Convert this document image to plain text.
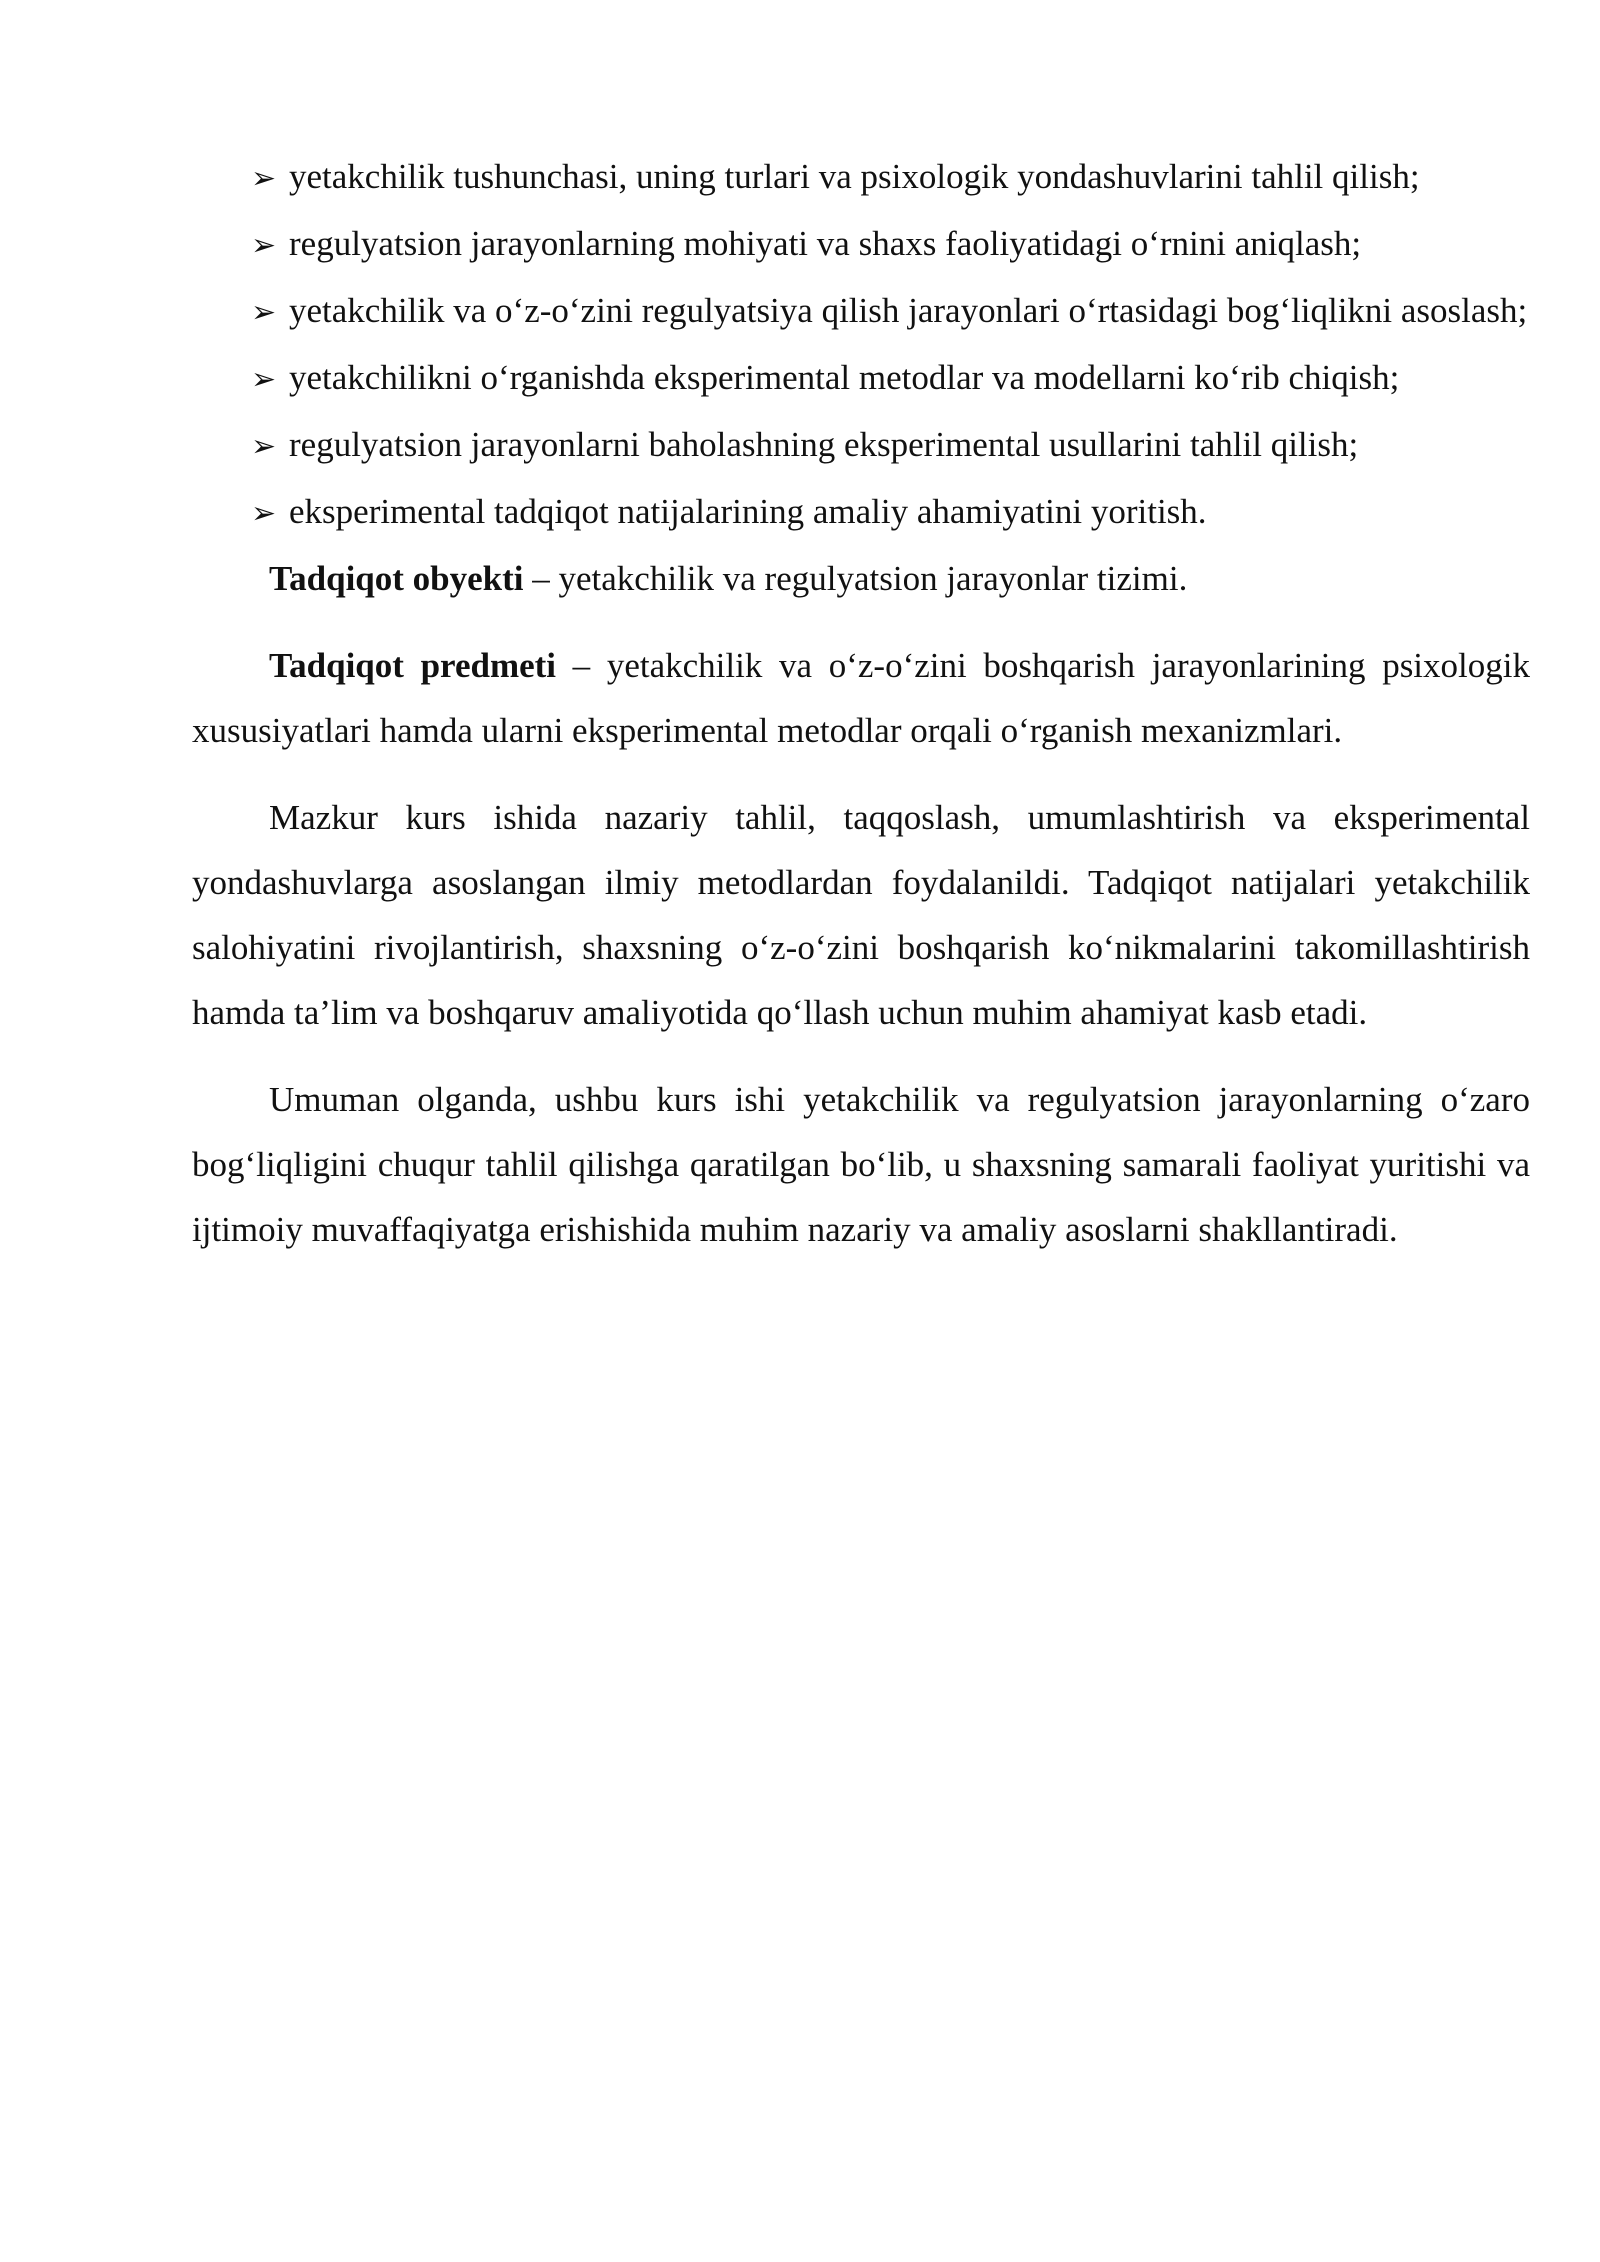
➢ yetakchilik tushunchasi, uning turlari va psixologik yondashuvlarini tahlil qilish;

➢ regulyatsion jarayonlarning mohiyati va shaxs faoliyatidagi o‘rnini aniqlash;

➢ yetakchilik va o‘z-o‘zini regulyatsiya qilish jarayonlari o‘rtasidagi bog‘liqlikni asoslash;

➢ yetakchilikni o‘rganishda eksperimental metodlar va modellarni ko‘rib chiqish;

➢ regulyatsion jarayonlarni baholashning eksperimental usullarini tahlil qilish;

➢ eksperimental tadqiqot natijalarining amaliy ahamiyatini yoritish.

Tadqiqot obyekti – yetakchilik va regulyatsion jarayonlar tizimi.

Tadqiqot predmeti – yetakchilik va o‘z-o‘zini boshqarish jarayonlarining psixologik xususiyatlari hamda ularni eksperimental metodlar orqali o‘rganish mexanizmlari.

Mazkur kurs ishida nazariy tahlil, taqqoslash, umumlashtirish va eksperimental yondashuvlarga asoslangan ilmiy metodlardan foydalanildi. Tadqiqot natijalari yetakchilik salohiyatini rivojlantirish, shaxsning o‘z-o‘zini boshqarish ko‘nikmalarini takomillashtirish hamda ta’lim va boshqaruv amaliyotida qo‘llash uchun muhim ahamiyat kasb etadi.

Umuman olganda, ushbu kurs ishi yetakchilik va regulyatsion jarayonlarning o‘zaro bog‘liqligini chuqur tahlil qilishga qaratilgan bo‘lib, u shaxsning samarali faoliyat yuritishi va ijtimoiy muvaffaqiyatga erishishida muhim nazariy va amaliy asoslarni shakllantiradi.
